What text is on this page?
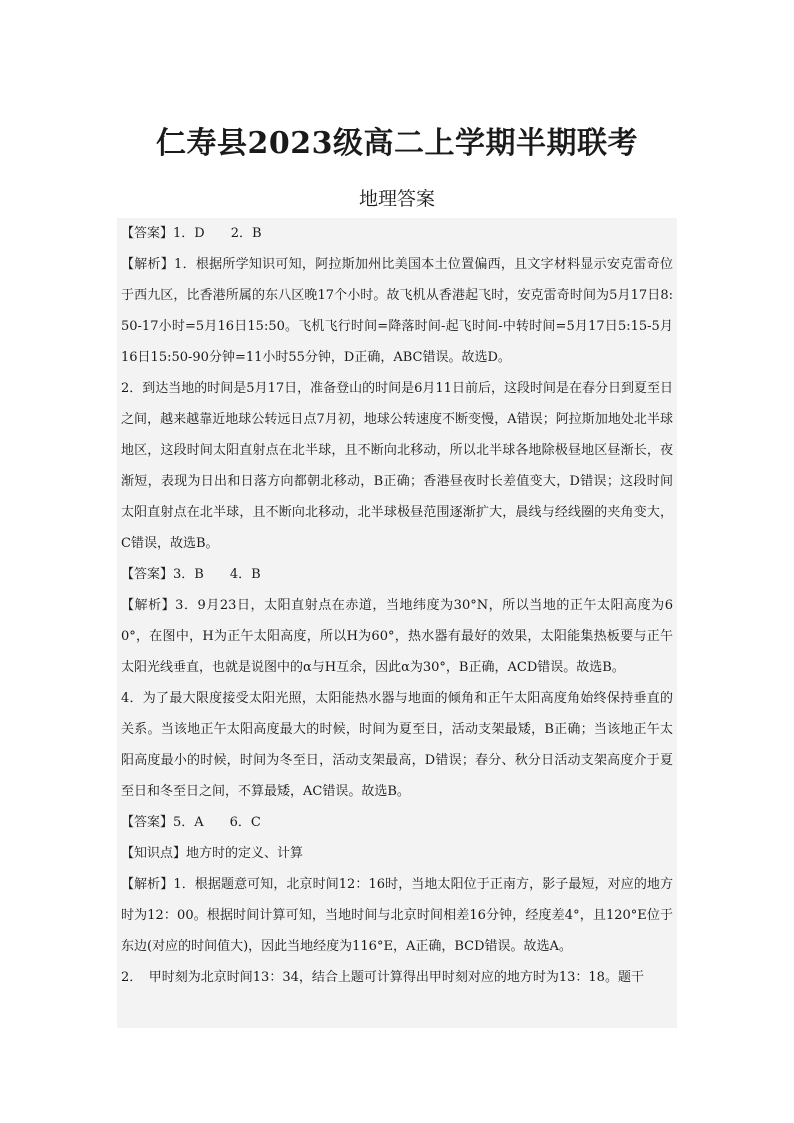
仁寿县2023级高二上学期半期联考
地理答案

【答案】1．D　　2．B

【解析】1．根据所学知识可知，阿拉斯加州比美国本土位置偏西，且文字材料显示安克雷奇位于西九区，比香港所属的东八区晚17个小时。故飞机从香港起飞时，安克雷奇时间为5月17日8:50-17小时=5月16日15:50。飞机飞行时间=降落时间-起飞时间-中转时间=5月17日5:15-5月16日15:50-90分钟=11小时55分钟，D正确，ABC错误。故选D。

2．到达当地的时间是5月17日，准备登山的时间是6月11日前后，这段时间是在春分日到夏至日之间，越来越靠近地球公转远日点7月初，地球公转速度不断变慢，A错误；阿拉斯加地处北半球地区，这段时间太阳直射点在北半球，且不断向北移动，所以北半球各地除极昼地区昼渐长，夜渐短，表现为日出和日落方向都朝北移动，B正确；香港昼夜时长差值变大，D错误；这段时间太阳直射点在北半球，且不断向北移动，北半球极昼范围逐渐扩大，晨线与经线圈的夹角变大，C错误，故选B。

【答案】3．B　　4．B

【解析】3．9月23日，太阳直射点在赤道，当地纬度为30°N，所以当地的正午太阳高度为60°，在图中，H为正午太阳高度，所以H为60°，热水器有最好的效果，太阳能集热板要与正午太阳光线垂直，也就是说图中的α与H互余，因此α为30°，B正确，ACD错误。故选B。

4．为了最大限度接受太阳光照，太阳能热水器与地面的倾角和正午太阳高度角始终保持垂直的关系。当该地正午太阳高度最大的时候，时间为夏至日，活动支架最矮，B正确；当该地正午太阳高度最小的时候，时间为冬至日，活动支架最高，D错误；春分、秋分日活动支架高度介于夏至日和冬至日之间，不算最矮，AC错误。故选B。

【答案】5．A　　6．C

【知识点】地方时的定义、计算

【解析】1．根据题意可知，北京时间12：16时，当地太阳位于正南方，影子最短，对应的地方时为12：00。根据时间计算可知，当地时间与北京时间相差16分钟，经度差4°，且120°E位于东边(对应的时间值大)，因此当地经度为116°E，A正确，BCD错误。故选A。

2．　甲时刻为北京时间13：34，结合上题可计算得出甲时刻对应的地方时为13：18。题干
